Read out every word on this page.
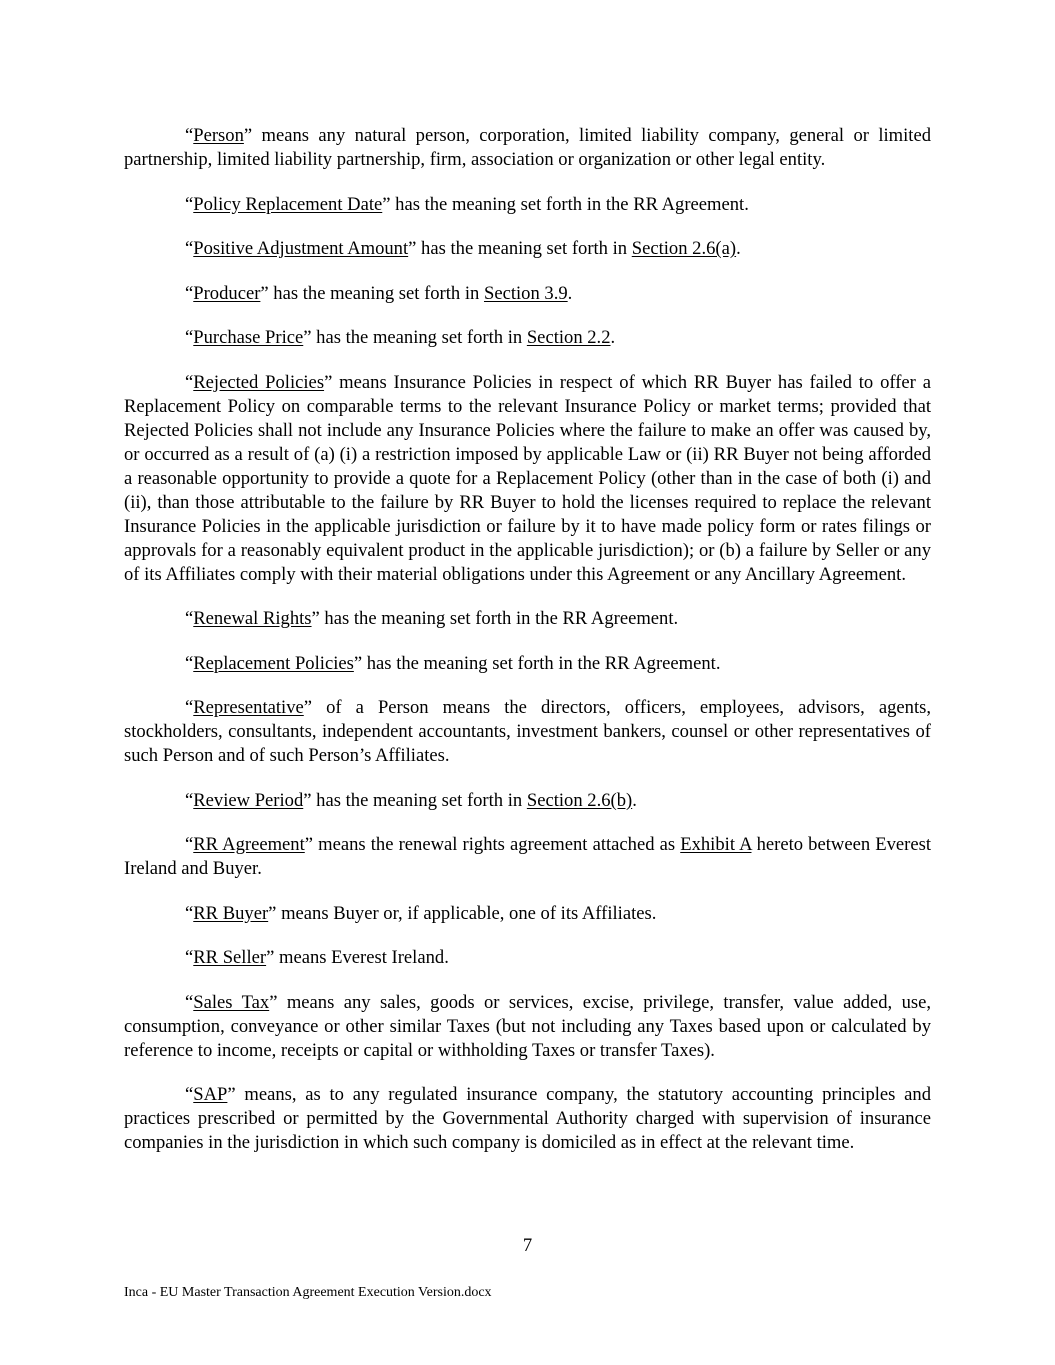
“Person” means any natural person, corporation, limited liability company, general or limited partnership, limited liability partnership, firm, association or organization or other legal entity.

“Policy Replacement Date” has the meaning set forth in the RR Agreement.

“Positive Adjustment Amount” has the meaning set forth in Section 2.6(a).

“Producer” has the meaning set forth in Section 3.9.

“Purchase Price” has the meaning set forth in Section 2.2.

“Rejected Policies” means Insurance Policies in respect of which RR Buyer has failed to offer a Replacement Policy on comparable terms to the relevant Insurance Policy or market terms; provided that Rejected Policies shall not include any Insurance Policies where the failure to make an offer was caused by, or occurred as a result of (a) (i) a restriction imposed by applicable Law or (ii) RR Buyer not being afforded a reasonable opportunity to provide a quote for a Replacement Policy (other than in the case of both (i) and (ii), than those attributable to the failure by RR Buyer to hold the licenses required to replace the relevant Insurance Policies in the applicable jurisdiction or failure by it to have made policy form or rates filings or approvals for a reasonably equivalent product in the applicable jurisdiction); or (b) a failure by Seller or any of its Affiliates comply with their material obligations under this Agreement or any Ancillary Agreement.

“Renewal Rights” has the meaning set forth in the RR Agreement.

“Replacement Policies” has the meaning set forth in the RR Agreement.

“Representative” of a Person means the directors, officers, employees, advisors, agents, stockholders, consultants, independent accountants, investment bankers, counsel or other representatives of such Person and of such Person’s Affiliates.

“Review Period” has the meaning set forth in Section 2.6(b).

“RR Agreement” means the renewal rights agreement attached as Exhibit A hereto between Everest Ireland and Buyer.

“RR Buyer” means Buyer or, if applicable, one of its Affiliates.

“RR Seller” means Everest Ireland.

“Sales Tax” means any sales, goods or services, excise, privilege, transfer, value added, use, consumption, conveyance or other similar Taxes (but not including any Taxes based upon or calculated by reference to income, receipts or capital or withholding Taxes or transfer Taxes).

“SAP” means, as to any regulated insurance company, the statutory accounting principles and practices prescribed or permitted by the Governmental Authority charged with supervision of insurance companies in the jurisdiction in which such company is domiciled as in effect at the relevant time.

7
Inca - EU Master Transaction Agreement Execution Version.docx
